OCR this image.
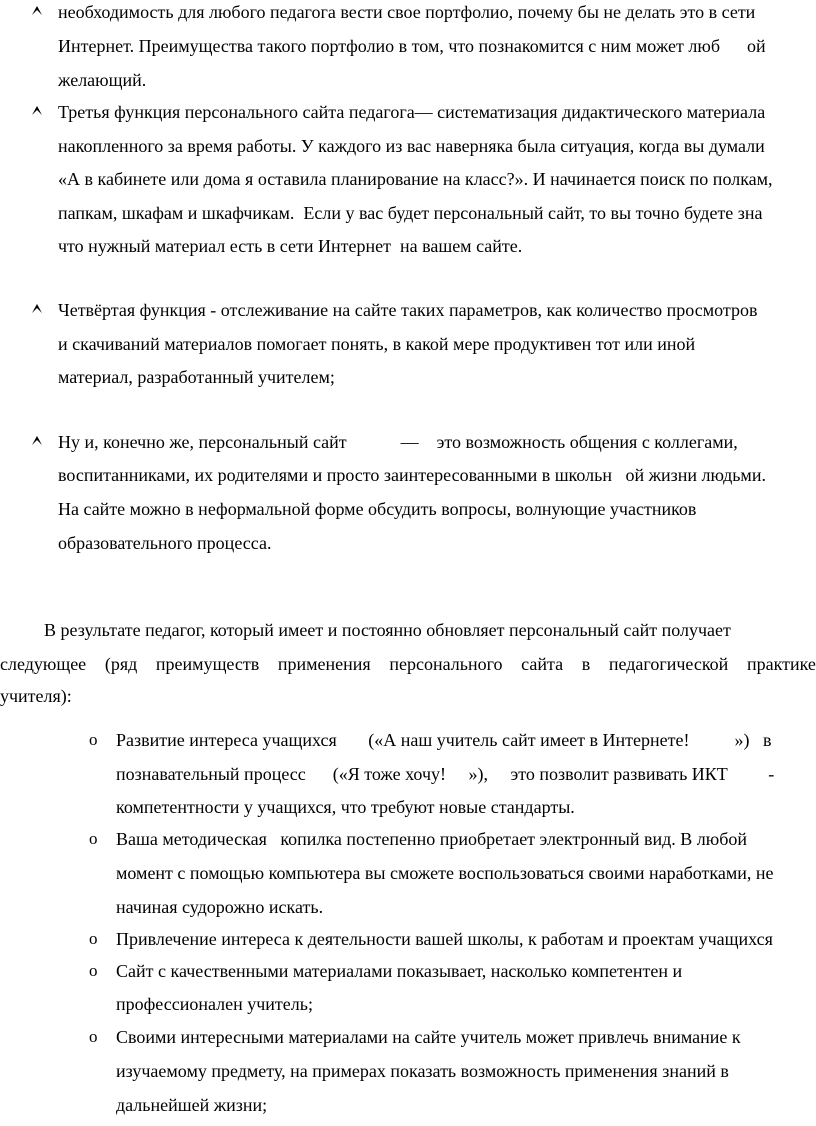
необходимость для любого педагога вести свое портфолио, почему бы не делать это в сети
Интернет. Преимущества такого портфолио в том, что познакомится с ним может люб      ой
желающий.
Третья функция персонального сайта педагога— систематизация дидактического материала
накопленного за время работы. У каждого из вас наверняка была ситуация, когда вы думали
«А в кабинете или дома я оставила планирование на класс?». И начинается поиск по полкам,
папкам, шкафам и шкафчикам.  Если у вас будет персональный сайт, то вы точно будете зна
что нужный материал есть в сети Интернет  на вашем сайте.
Четвёртая функция - отслеживание на сайте таких параметров, как количество просмотров
и скачиваний материалов помогает понять, в какой мере продуктивен тот или иной
материал, разработанный учителем;
Ну и, конечно же, персональный сайт            —    это возможность общения с коллегами,
воспитанниками, их родителями и просто заинтересованными в школьн   ой жизни людьми.
На сайте можно в неформальной форме обсудить вопросы, волнующие участников
образовательного процесса.
В результате педагог, который имеет и постоянно обновляет персональный сайт получает
следующее (ряд преимуществ применения персонального сайта в педагогической практике
учителя):
o Развитие интереса учащихся       («А наш учитель сайт имеет в Интернете!          »)   в
познавательный процесс      («Я тоже хочу!     »),     это позволит развивать ИКТ         -
компетентности у учащихся, что требуют новые стандарты.
o Ваша методическая   копилка постепенно приобретает электронный вид. В любой
момент с помощью компьютера вы сможете воспользоваться своими наработками, не
начиная судорожно искать.
o Привлечение интереса к деятельности вашей школы, к работам и проектам учащихся
o Сайт с качественными материалами показывает, насколько компетентен и
профессионален учитель;
o Своими интересными материалами на сайте учитель может привлечь внимание к
изучаемому предмету, на примерах показать возможность применения знаний в
дальнейшей жизни;
